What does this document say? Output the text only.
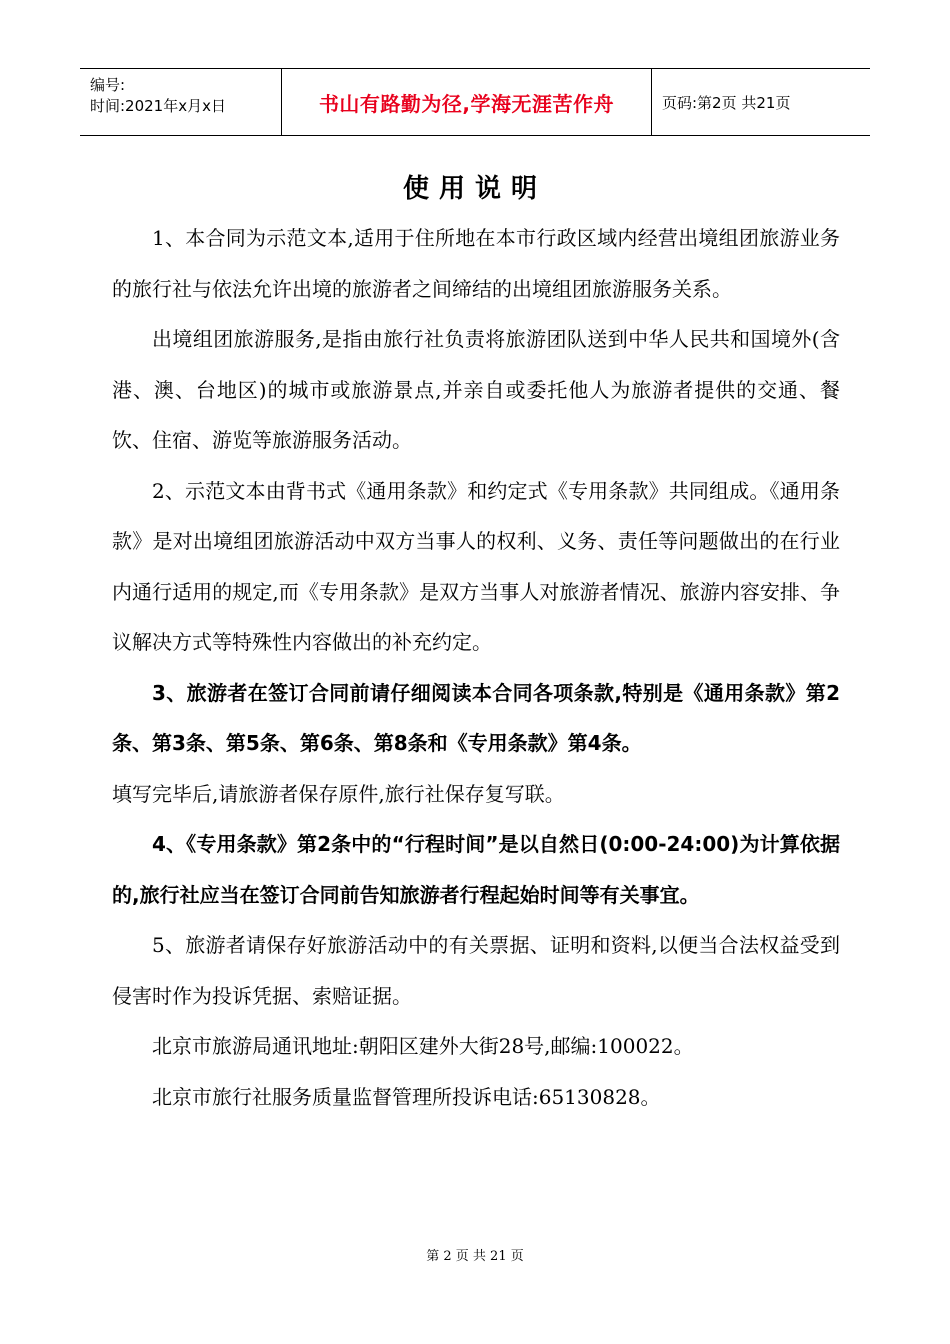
编号:
时间:2021年x月x日	书山有路勤为径,学海无涯苦作舟	页码:第2页 共21页
使用说明

1、本合同为示范文本,适用于住所地在本市行政区域内经营出境组团旅游业务的旅行社与依法允许出境的旅游者之间缔结的出境组团旅游服务关系。

出境组团旅游服务,是指由旅行社负责将旅游团队送到中华人民共和国境外(含港、澳、台地区)的城市或旅游景点,并亲自或委托他人为旅游者提供的交通、餐饮、住宿、游览等旅游服务活动。

2、示范文本由背书式《通用条款》和约定式《专用条款》共同组成。《通用条款》是对出境组团旅游活动中双方当事人的权利、义务、责任等问题做出的在行业内通行适用的规定,而《专用条款》是双方当事人对旅游者情况、旅游内容安排、争议解决方式等特殊性内容做出的补充约定。

3、旅游者在签订合同前请仔细阅读本合同各项条款,特别是《通用条款》第2条、第3条、第5条、第6条、第8条和《专用条款》第4条。

填写完毕后,请旅游者保存原件,旅行社保存复写联。

4、《专用条款》第2条中的“行程时间”是以自然日(0:00-24:00)为计算依据的,旅行社应当在签订合同前告知旅游者行程起始时间等有关事宜。

5、旅游者请保存好旅游活动中的有关票据、证明和资料,以便当合法权益受到侵害时作为投诉凭据、索赔证据。

北京市旅游局通讯地址:朝阳区建外大街28号,邮编:100022。

北京市旅行社服务质量监督管理所投诉电话:65130828。

第 2 页 共 21 页
